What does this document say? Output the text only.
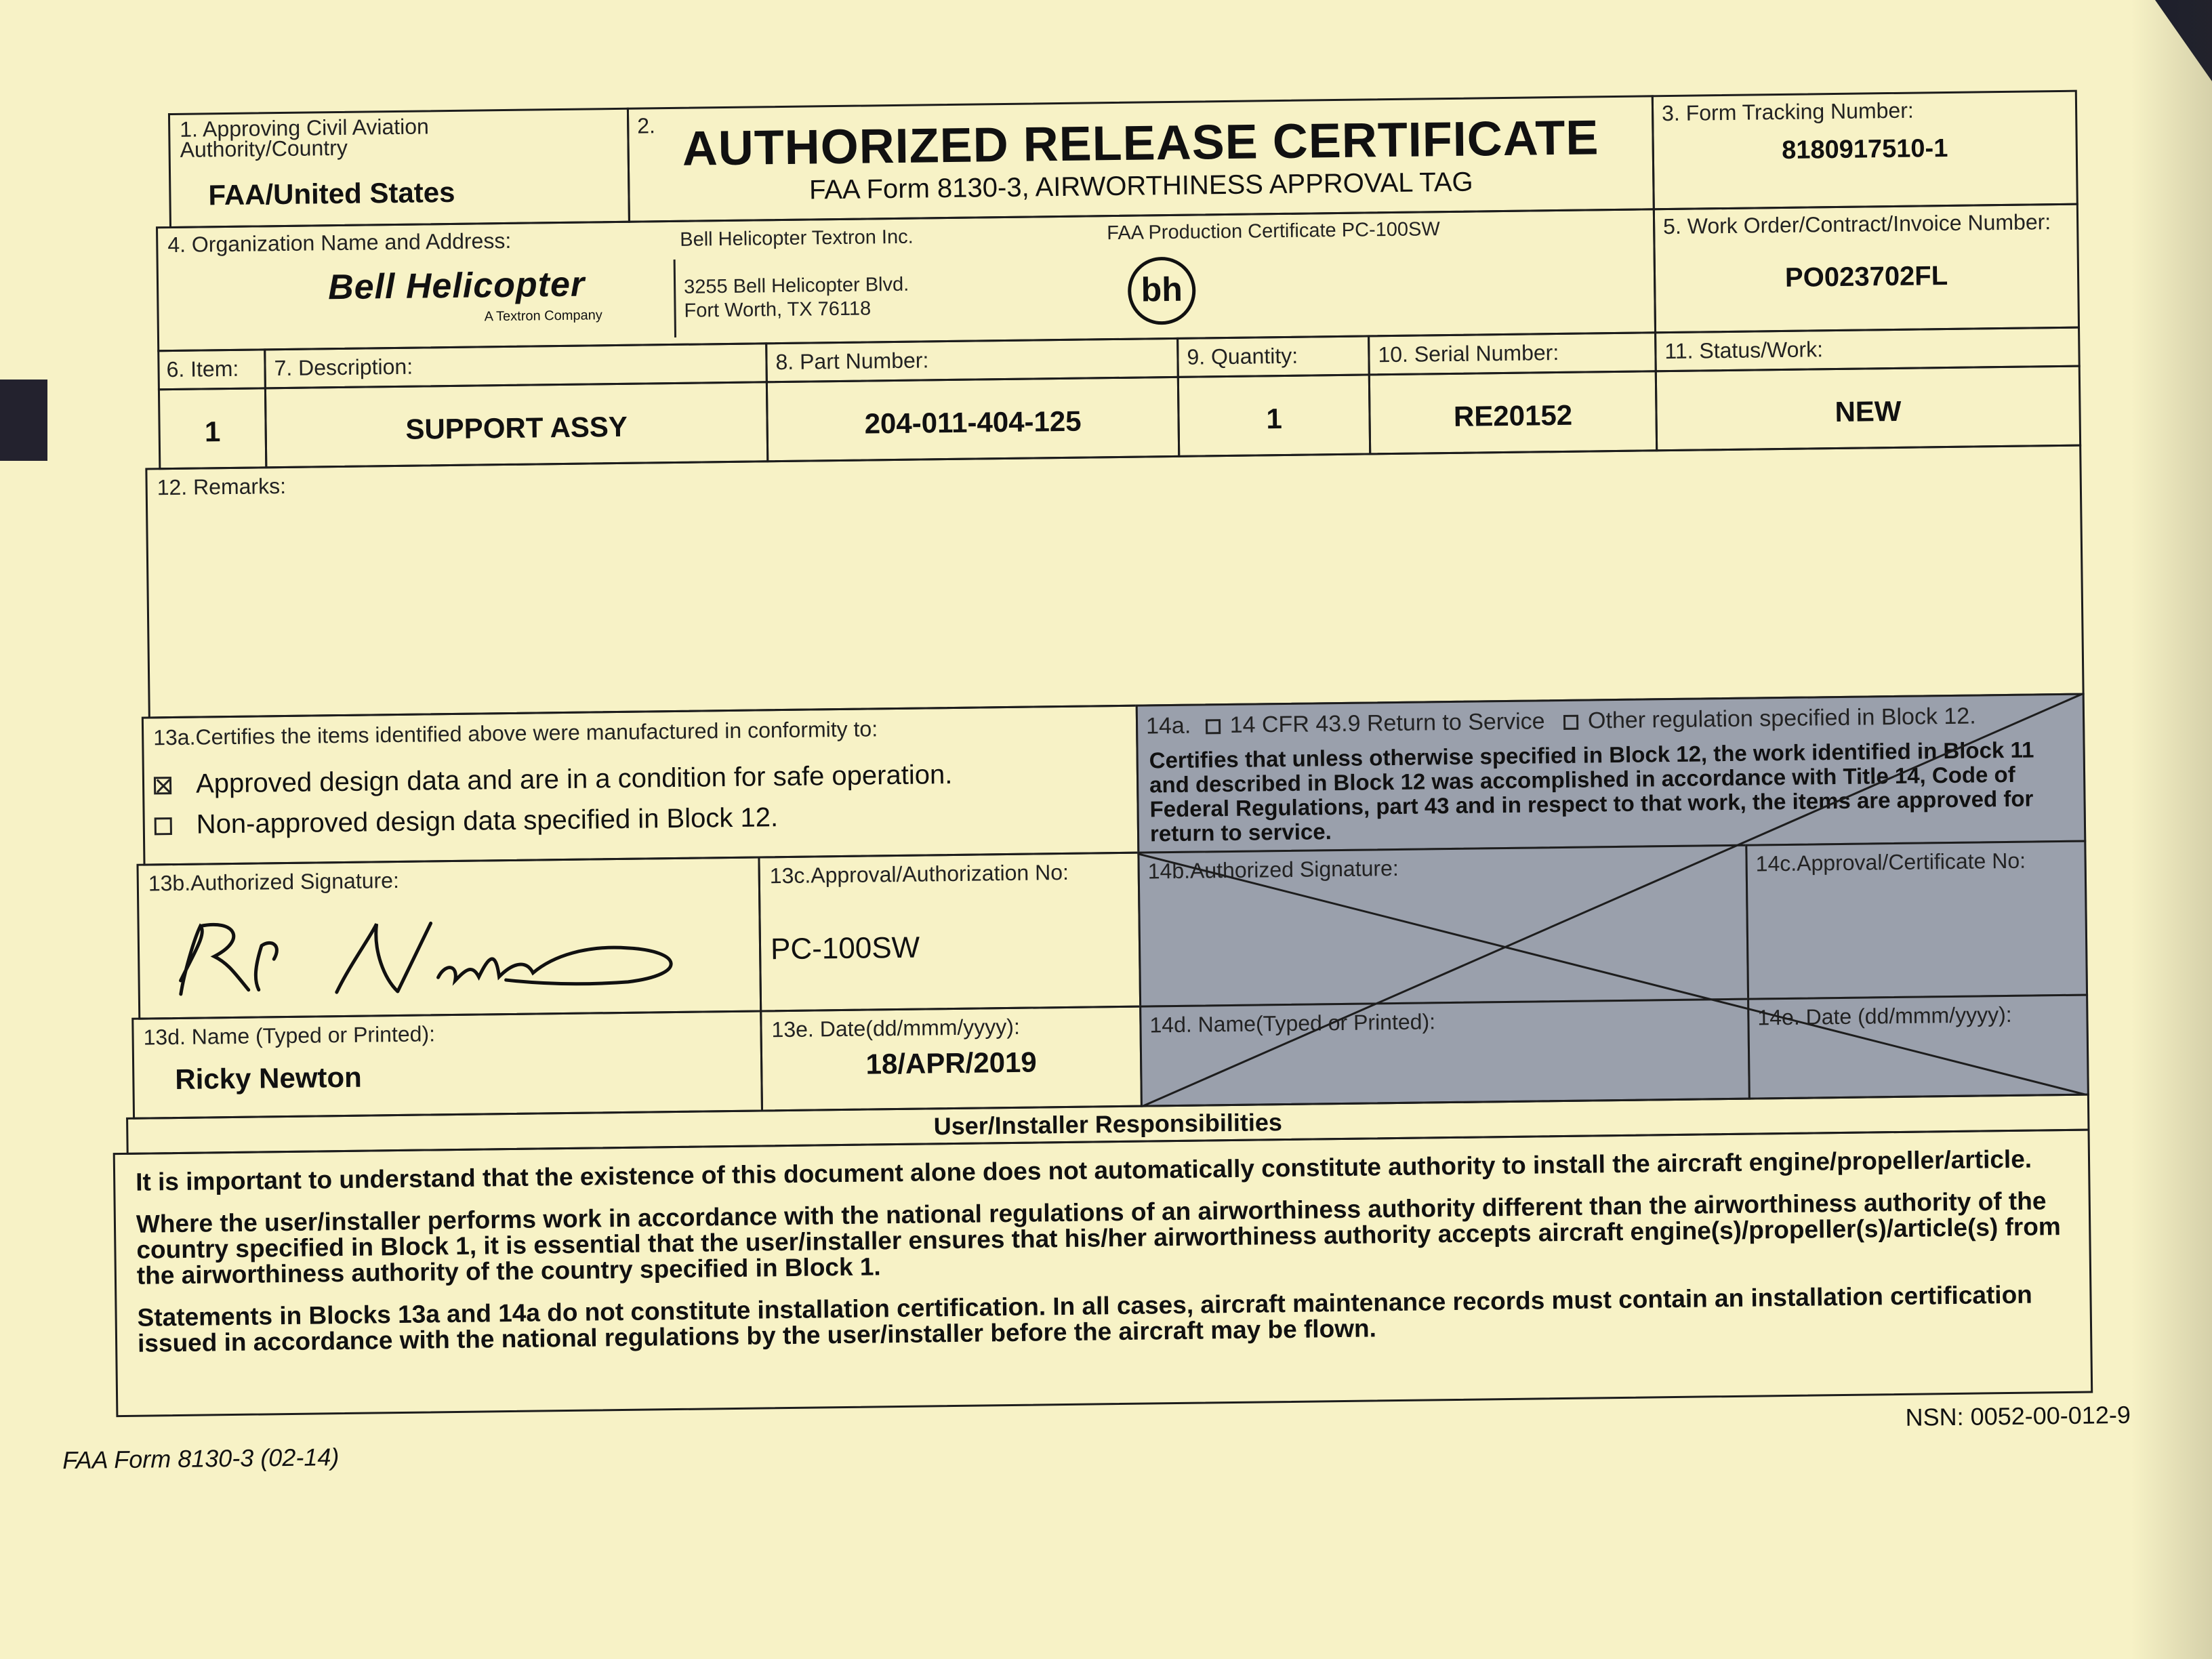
1. Approving Civil Aviation Authority/Country
FAA/United States
2. AUTHORIZED RELEASE CERTIFICATE
FAA Form 8130-3, AIRWORTHINESS APPROVAL TAG
3. Form Tracking Number:
8180917510-1
4. Organization Name and Address:
Bell Helicopter
A Textron Company
Bell Helicopter Textron Inc.
3255 Bell Helicopter Blvd.
Fort Worth, TX 76118
FAA Production Certificate PC-100SW
bh
5. Work Order/Contract/Invoice Number:
PO023702FL
6. Item: 7. Description:	8. Part Number:	9. Quantity:	10. Serial Number:	11. Status/Work:
1	SUPPORT ASSY	204-011-404-125	1	RE20152	NEW
12. Remarks:
13a.Certifies the items identified above were manufactured in conformity to:
Approved design data and are in a condition for safe operation.
Non-approved design data specified in Block 12.
14a. 14 CFR 43.9 Return to Service Other regulation specified in Block 12.
Certifies that unless otherwise specified in Block 12, the work identified in Block 11 and described in Block 12 was accomplished in accordance with Title 14, Code of Federal Regulations, part 43 and in respect to that work, the items are approved for return to service.
13b.Authorized Signature:	13c.Approval/Authorization No:
PC-100SW
14b.Authorized Signature:	14c.Approval/Certificate No:
13d. Name (Typed or Printed):
Ricky Newton
13e. Date(dd/mmm/yyyy):
18/APR/2019
14d. Name(Typed or Printed):	14e. Date (dd/mmm/yyyy):
User/Installer Responsibilities

It is important to understand that the existence of this document alone does not automatically constitute authority to install the aircraft engine/propeller/article.

Where the user/installer performs work in accordance with the national regulations of an airworthiness authority different than the airworthiness authority of the country specified in Block 1, it is essential that the user/installer ensures that his/her airworthiness authority accepts aircraft engine(s)/propeller(s)/article(s) from the airworthiness authority of the country specified in Block 1.

Statements in Blocks 13a and 14a do not constitute installation certification. In all cases, aircraft maintenance records must contain an installation certification issued in accordance with the national regulations by the user/installer before the aircraft may be flown.

FAA Form 8130-3 (02-14)
NSN: 0052-00-012-9
